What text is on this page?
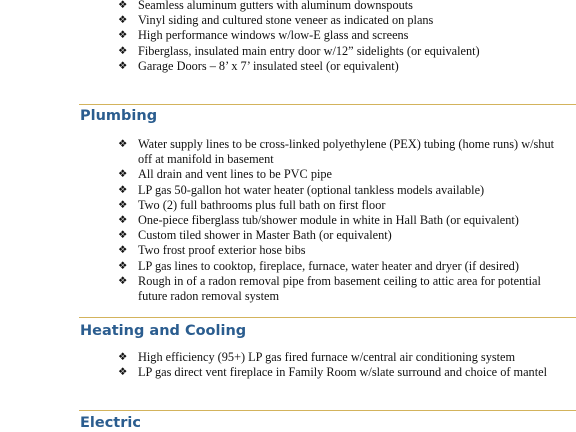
❖ Seamless aluminum gutters with aluminum downspouts
❖ Vinyl siding and cultured stone veneer as indicated on plans
❖ High performance windows w/low-E glass and screens
❖ Fiberglass, insulated main entry door w/12” sidelights (or equivalent)
❖ Garage Doors – 8’ x 7’ insulated steel (or equivalent)
Plumbing
❖ Water supply lines to be cross-linked polyethylene (PEX) tubing (home runs) w/shut off at manifold in basement
❖ All drain and vent lines to be PVC pipe
❖ LP gas 50-gallon hot water heater (optional tankless models available)
❖ Two (2) full bathrooms plus full bath on first floor
❖ One-piece fiberglass tub/shower module in white in Hall Bath (or equivalent)
❖ Custom tiled shower in Master Bath (or equivalent)
❖ Two frost proof exterior hose bibs
❖ LP gas lines to cooktop, fireplace, furnace, water heater and dryer (if desired)
❖ Rough in of a radon removal pipe from basement ceiling to attic area for potential future radon removal system
Heating and Cooling
❖ High efficiency (95+) LP gas fired furnace w/central air conditioning system
❖ LP gas direct vent fireplace in Family Room w/slate surround and choice of mantel
Electric
